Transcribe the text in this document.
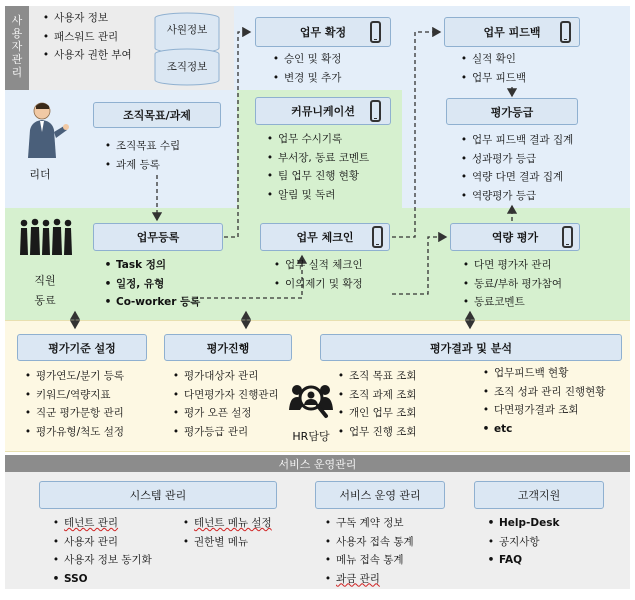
사용자관리
• 사용자 정보
• 패스워드 관리
• 사용자 권한 부여
사원정보
조직정보
리더
조직목표/과제
• 조직목표 수립
• 과제 등록
업무 확정
• 승인 및 확정
• 변경 및 추가
커뮤니케이션
• 업무 수시기록
• 부서장, 동료 코멘트
• 팀 업무 진행 현황
• 알림 및 독려
업무 피드백
• 실적 확인
• 업무 피드백
평가등급
• 업무 피드백 결과 집계
• 성과평가 등급
• 역량 다면 결과 집계
• 역량평가 등급
직원
동료
업무등록
• Task 정의
• 일정, 유형
• Co-worker 등록
업무 체크인
• 업무 실적 체크인
• 이의제기 및 확정
역량 평가
• 다면 평가자 관리
• 동료/부하 평가참여
• 동료코멘트
평가기준 설정
• 평가연도/분기 등록
• 키워드/역량지표
• 직군 평가문항 관리
• 평가유형/척도 설정
평가진행
• 평가대상자 관리
• 다면평가자 진행관리
• 평가 오픈 설정
• 평가등급 관리	HR담당
평가결과 및 분석
• 조직 목표 조회
• 조직 과제 조회
• 개인 업무 조회
• 업무 진행 조회
• 업무피드백 현황
• 조직 성과 관리 진행현황
• 다면평가결과 조회
• etc
서비스 운영관리
시스템 관리
• 테넌트 관리
• 사용자 관리
• 사용자 정보 동기화
• SSO
• 테넌트 메뉴 설정
• 권한별 메뉴
서비스 운영 관리
• 구독 계약 정보
• 사용자 접속 통계
• 메뉴 접속 통계
• 과금 관리
고객지원
• Help-Desk
• 공지사항
• FAQ
